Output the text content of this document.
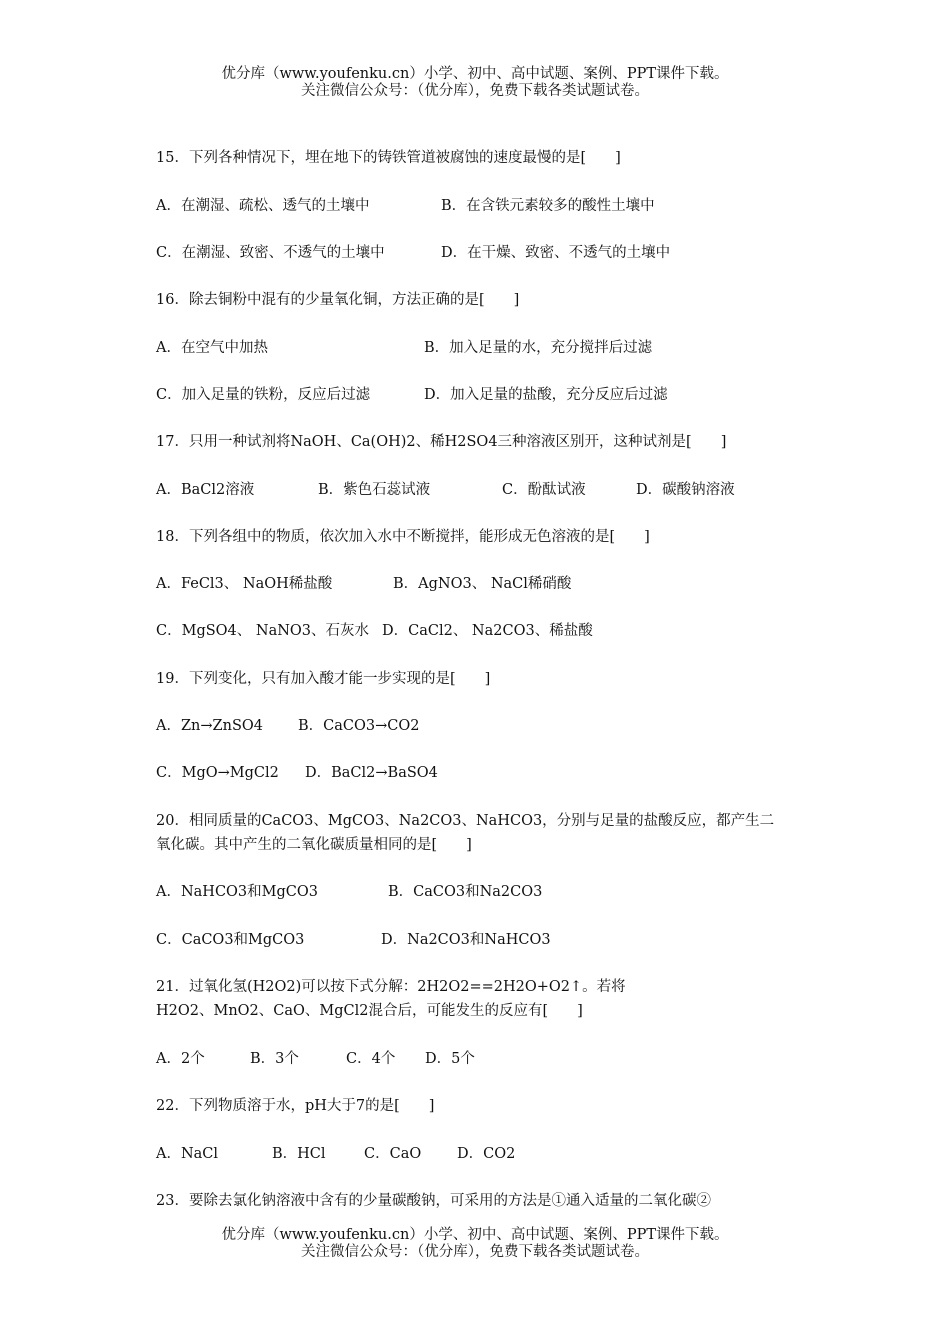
优分库（www.youfenku.cn）小学、初中、高中试题、案例、PPT课件下载。
关注微信公众号：（优分库），免费下载各类试题试卷。
15．下列各种情况下，埋在地下的铸铁管道被腐蚀的速度最慢的是[　　]
A．在潮湿、疏松、透气的土壤中	B．在含铁元素较多的酸性土壤中
C．在潮湿、致密、不透气的土壤中	D．在干燥、致密、不透气的土壤中
16．除去铜粉中混有的少量氧化铜，方法正确的是[　　]
A．在空气中加热	B．加入足量的水，充分搅拌后过滤
C．加入足量的铁粉，反应后过滤	D．加入足量的盐酸，充分反应后过滤
17．只用一种试剂将NaOH、Ca(OH)2、稀H2SO4三种溶液区别开，这种试剂是[　　]
A．BaCl2溶液	B．紫色石蕊试液	C．酚酞试液	D．碳酸钠溶液
18．下列各组中的物质，依次加入水中不断搅拌，能形成无色溶液的是[　　]
A．FeCl3、 NaOH稀盐酸	B．AgNO3、 NaCl稀硝酸
C．MgSO4、 NaNO3、石灰水 D．CaCl2、 Na2CO3、稀盐酸
19．下列变化，只有加入酸才能一步实现的是[　　]
A．Zn→ZnSO4 B．CaCO3→CO2
C．MgO→MgCl2 D．BaCl2→BaSO4
20．相同质量的CaCO3、MgCO3、Na2CO3、NaHCO3，分别与足量的盐酸反应，都产生二
氧化碳。其中产生的二氧化碳质量相同的是[　　]
A．NaHCO3和MgCO3	B．CaCO3和Na2CO3
C．CaCO3和MgCO3	D．Na2CO3和NaHCO3
21．过氧化氢(H2O2)可以按下式分解：2H2O2==2H2O+O2↑。若将
H2O2、MnO2、CaO、MgCl2混合后，可能发生的反应有[　　]
A．2个	B．3个	C．4个 D．5个
22．下列物质溶于水，pH大于7的是[　　]
A．NaCl	B．HCl	C．CaO D．CO2
23．要除去氯化钠溶液中含有的少量碳酸钠，可采用的方法是①通入适量的二氧化碳②
优分库（www.youfenku.cn）小学、初中、高中试题、案例、PPT课件下载。
关注微信公众号：（优分库），免费下载各类试题试卷。
